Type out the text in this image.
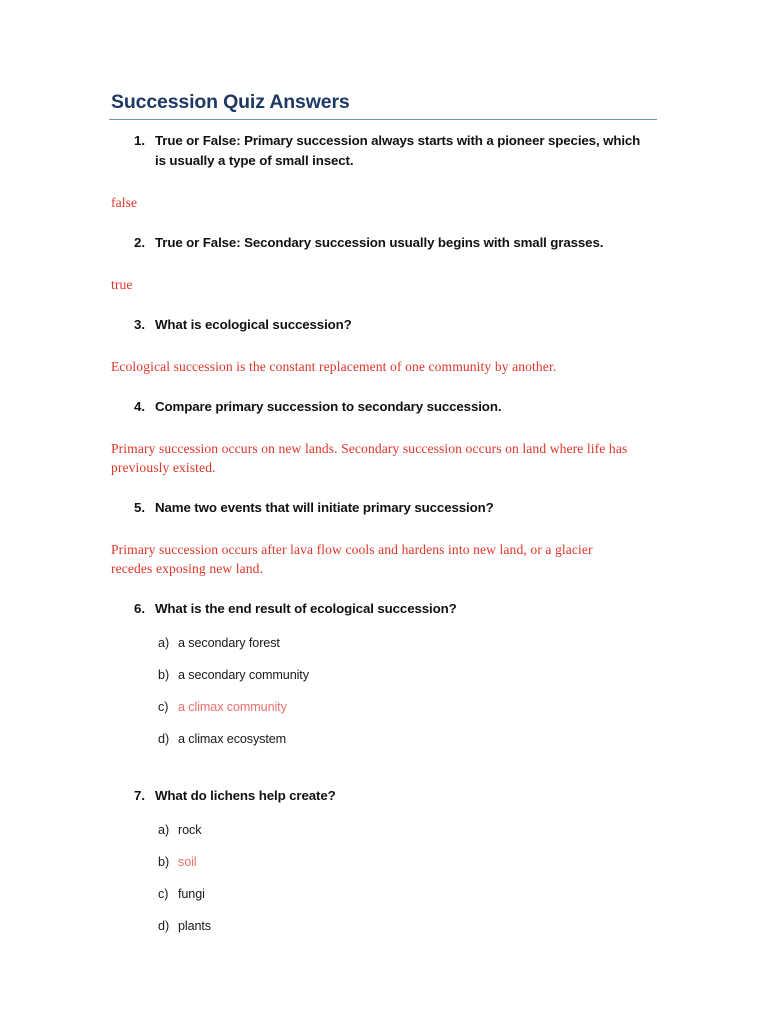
Succession Quiz Answers
1. True or False: Primary succession always starts with a pioneer species, which is usually a type of small insect.
false
2. True or False: Secondary succession usually begins with small grasses.
true
3. What is ecological succession?
Ecological succession is the constant replacement of one community by another.
4. Compare primary succession to secondary succession.
Primary succession occurs on new lands. Secondary succession occurs on land where life has previously existed.
5. Name two events that will initiate primary succession?
Primary succession occurs after lava flow cools and hardens into new land, or a glacier recedes exposing new land.
6. What is the end result of ecological succession?
a) a secondary forest
b) a secondary community
c) a climax community
d) a climax ecosystem
7. What do lichens help create?
a) rock
b) soil
c) fungi
d) plants
